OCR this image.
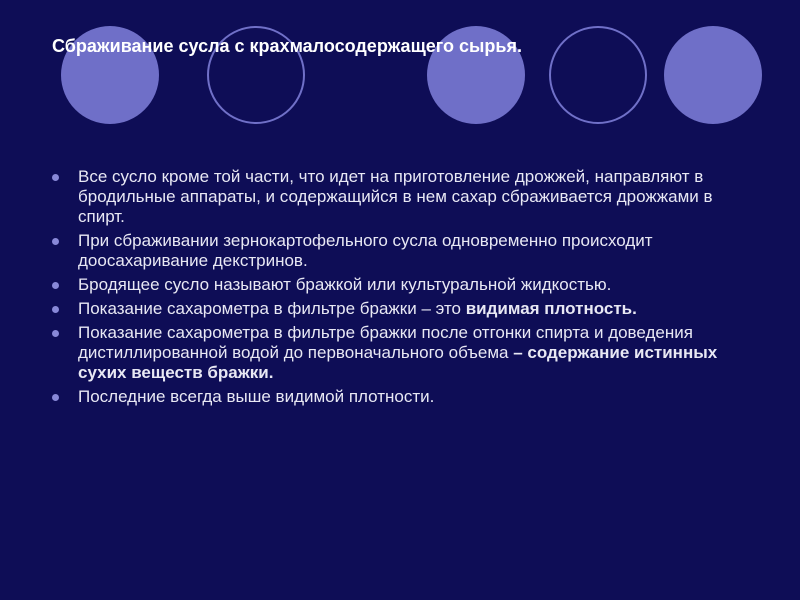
Сбраживание сусла с крахмалосодержащего сырья.
Все сусло кроме той части, что идет на приготовление дрожжей, направляют в бродильные аппараты, и содержащийся в нем сахар сбраживается дрожжами в спирт.
При сбраживании зернокартофельного сусла одновременно происходит доосахаривание декстринов.
Бродящее сусло называют бражкой или культуральной жидкостью.
Показание сахарометра в фильтре бражки – это видимая плотность.
Показание сахарометра в фильтре бражки после отгонки спирта и доведения дистиллированной водой до первоначального объема – содержание истинных сухих веществ бражки.
Последние всегда выше видимой плотности.
